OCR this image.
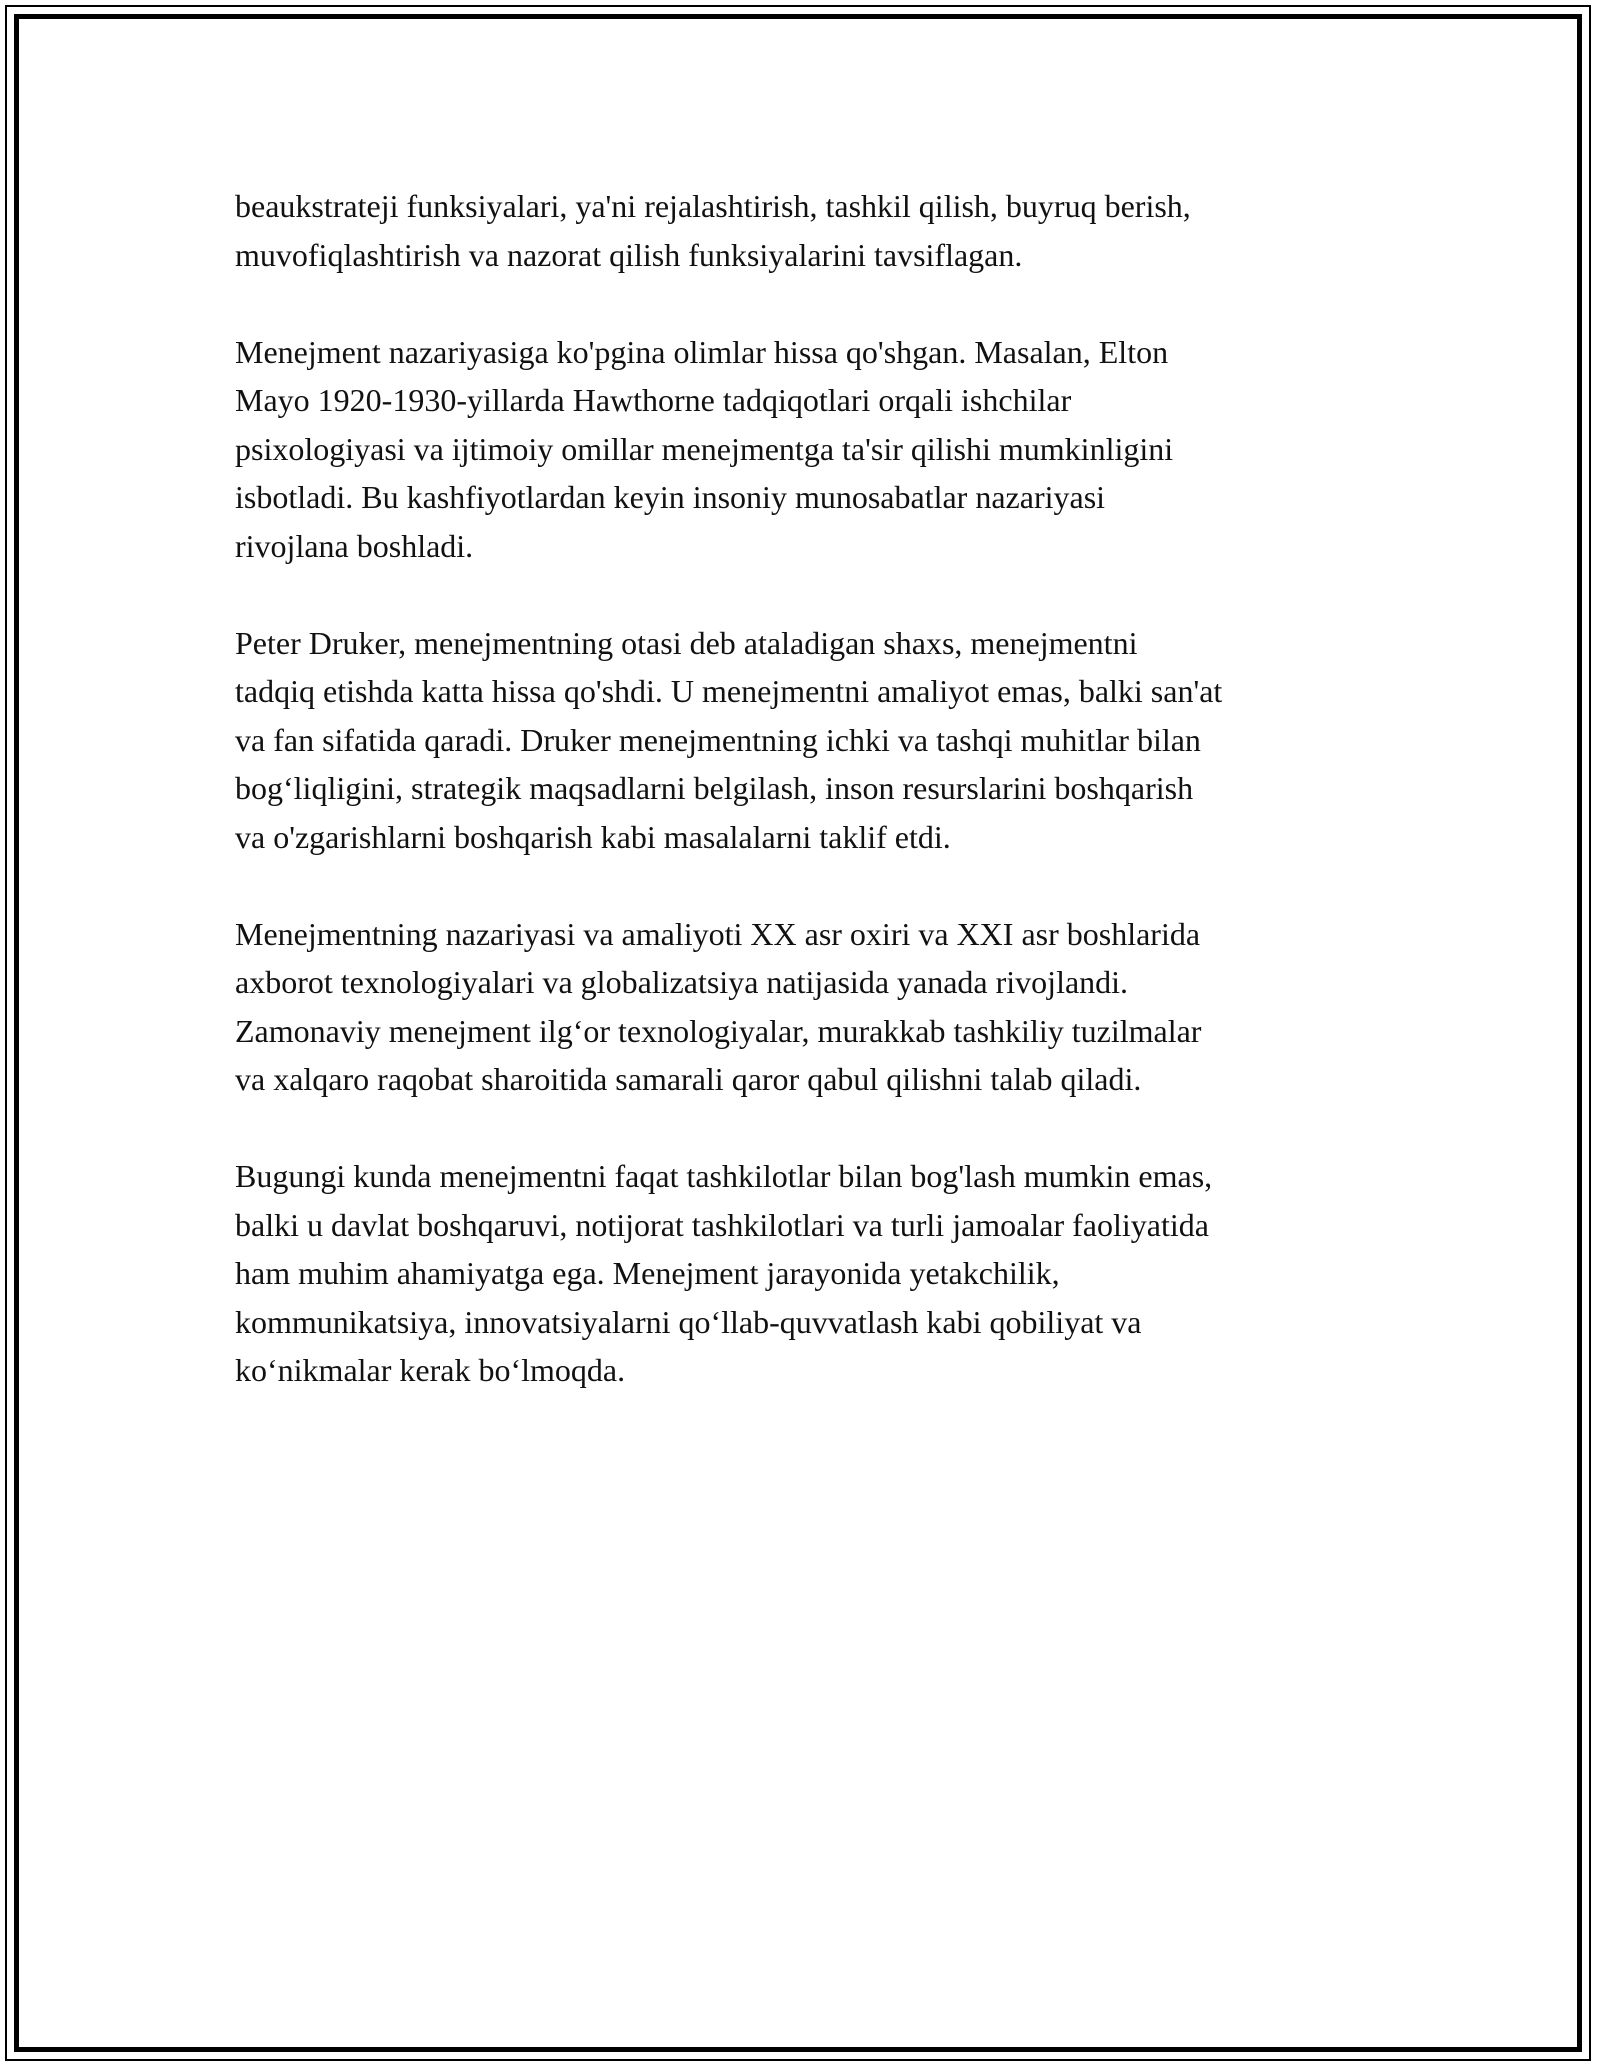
beaukstrateji funksiyalari, ya'ni rejalashtirish, tashkil qilish, buyruq berish,
muvofiqlashtirish va nazorat qilish funksiyalarini tavsiflagan.

Menejment nazariyasiga ko'pgina olimlar hissa qo'shgan. Masalan, Elton
Mayo 1920-1930-yillarda Hawthorne tadqiqotlari orqali ishchilar
psixologiyasi va ijtimoiy omillar menejmentga ta'sir qilishi mumkinligini
isbotladi. Bu kashfiyotlardan keyin insoniy munosabatlar nazariyasi
rivojlana boshladi.

Peter Druker, menejmentning otasi deb ataladigan shaxs, menejmentni
tadqiq etishda katta hissa qo'shdi. U menejmentni amaliyot emas, balki san'at
va fan sifatida qaradi. Druker menejmentning ichki va tashqi muhitlar bilan
bog‘liqligini, strategik maqsadlarni belgilash, inson resurslarini boshqarish
va o'zgarishlarni boshqarish kabi masalalarni taklif etdi.

Menejmentning nazariyasi va amaliyoti XX asr oxiri va XXI asr boshlarida
axborot texnologiyalari va globalizatsiya natijasida yanada rivojlandi.
Zamonaviy menejment ilg‘or texnologiyalar, murakkab tashkiliy tuzilmalar
va xalqaro raqobat sharoitida samarali qaror qabul qilishni talab qiladi.

Bugungi kunda menejmentni faqat tashkilotlar bilan bog'lash mumkin emas,
balki u davlat boshqaruvi, notijorat tashkilotlari va turli jamoalar faoliyatida
ham muhim ahamiyatga ega. Menejment jarayonida yetakchilik,
kommunikatsiya, innovatsiyalarni qo‘llab-quvvatlash kabi qobiliyat va
ko‘nikmalar kerak bo‘lmoqda.
